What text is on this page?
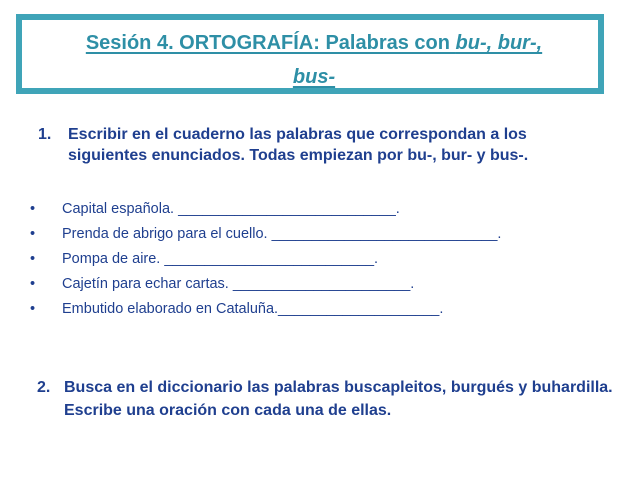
Sesión 4. ORTOGRAFÍA: Palabras con bu-, bur-,
bus-
1. Escribir en el cuaderno las palabras que correspondan a los siguientes enunciados. Todas empiezan por bu-, bur- y bus-.
• Capital española. ___________________________.
• Prenda de abrigo para el cuello. ____________________________.
• Pompa de aire. __________________________.
• Cajetín para echar cartas. ______________________.
• Embutido elaborado en Cataluña.____________________.
2. Busca en el diccionario las palabras buscapleitos, burgués y buhardilla. Escribe una oración con cada una de ellas.
